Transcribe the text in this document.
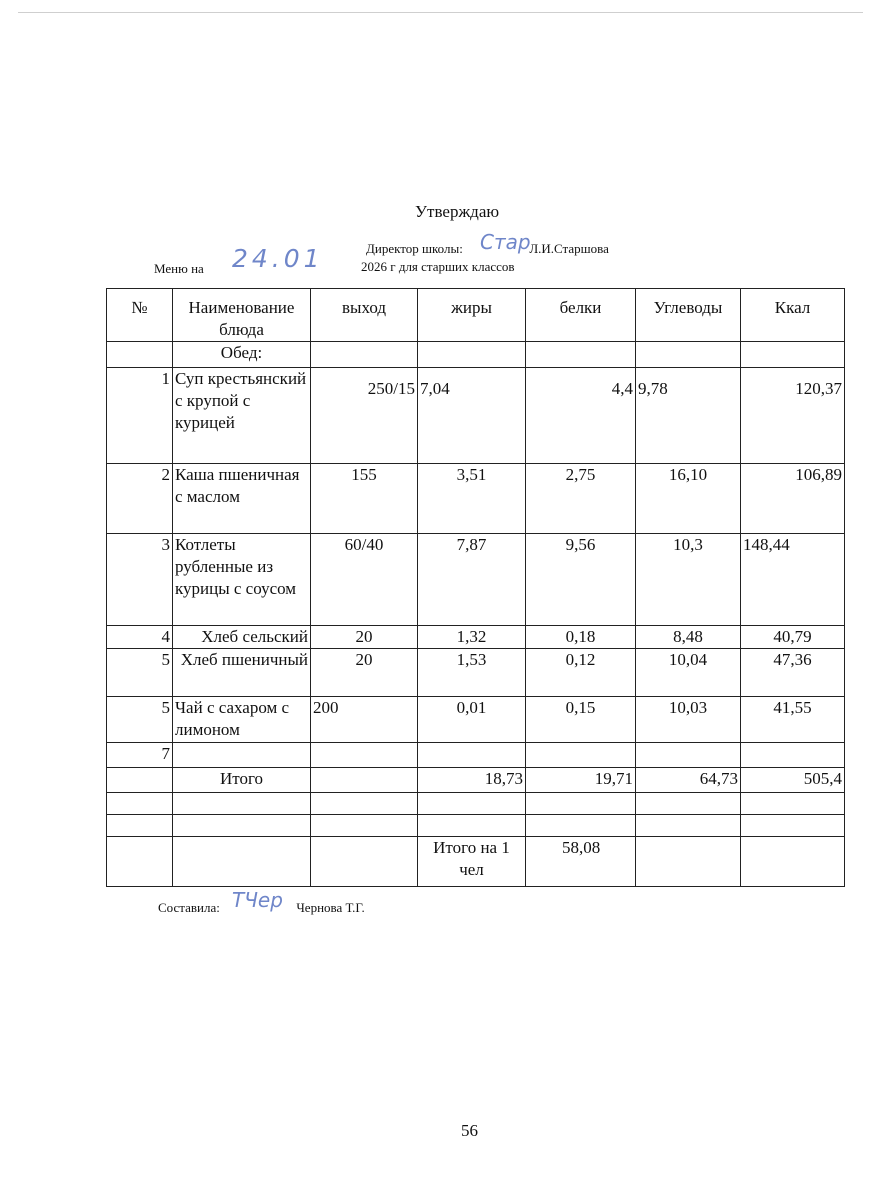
Утверждаю
Директор школы:	Л.И.Старшова
Стар
Меню на 24.01	2026 г для старших классов
№	Наименование блюда	выход	жиры	белки	Углеводы	Ккал
	Обед:					
1	Суп крестьянский с крупой с курицей	250/15	7,04	4,4	9,78	120,37
2	Каша пшеничная с маслом	155	3,51	2,75	16,10	106,89
3	Котлеты рубленные из курицы с соусом	60/40	7,87	9,56	10,3	148,44
4	Хлеб сельский	20	1,32	0,18	8,48	40,79
5	Хлеб пшеничный	20	1,53	0,12	10,04	47,36
5	Чай с сахаром с лимоном	200	0,01	0,15	10,03	41,55
7						
	Итого		18,73	19,71	64,73	505,4

			Итого на 1 чел	58,08		
Составила:	Чернова Т.Г.
ТЧер
56
